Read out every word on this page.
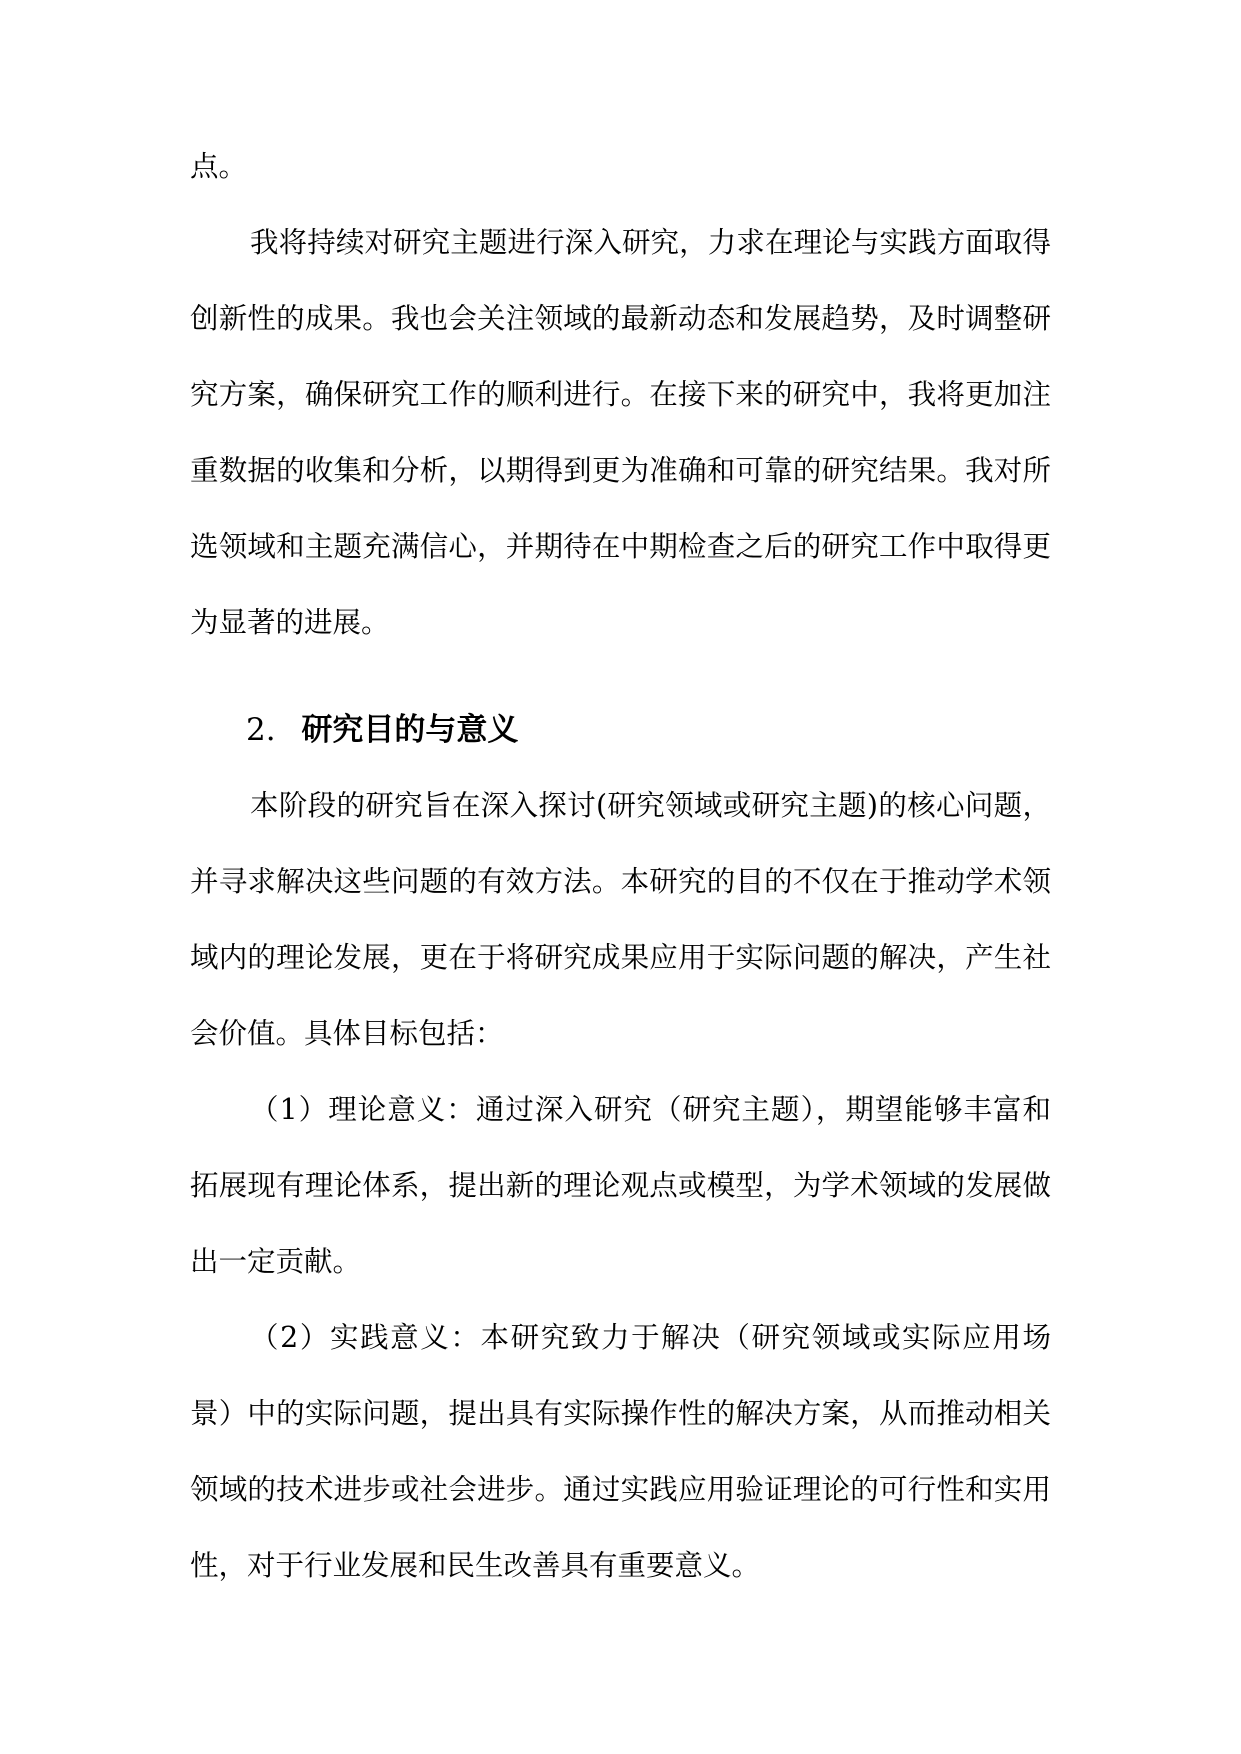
点。

我将持续对研究主题进行深入研究，力求在理论与实践方面取得创新性的成果。我也会关注领域的最新动态和发展趋势，及时调整研究方案，确保研究工作的顺利进行。在接下来的研究中，我将更加注重数据的收集和分析，以期得到更为准确和可靠的研究结果。我对所选领域和主题充满信心，并期待在中期检查之后的研究工作中取得更为显著的进展。

2. 研究目的与意义

本阶段的研究旨在深入探讨(研究领域或研究主题)的核心问题，并寻求解决这些问题的有效方法。本研究的目的不仅在于推动学术领域内的理论发展，更在于将研究成果应用于实际问题的解决，产生社会价值。具体目标包括：

（1）理论意义：通过深入研究（研究主题），期望能够丰富和拓展现有理论体系，提出新的理论观点或模型，为学术领域的发展做出一定贡献。

（2）实践意义：本研究致力于解决（研究领域或实际应用场景）中的实际问题，提出具有实际操作性的解决方案，从而推动相关领域的技术进步或社会进步。通过实践应用验证理论的可行性和实用性，对于行业发展和民生改善具有重要意义。
